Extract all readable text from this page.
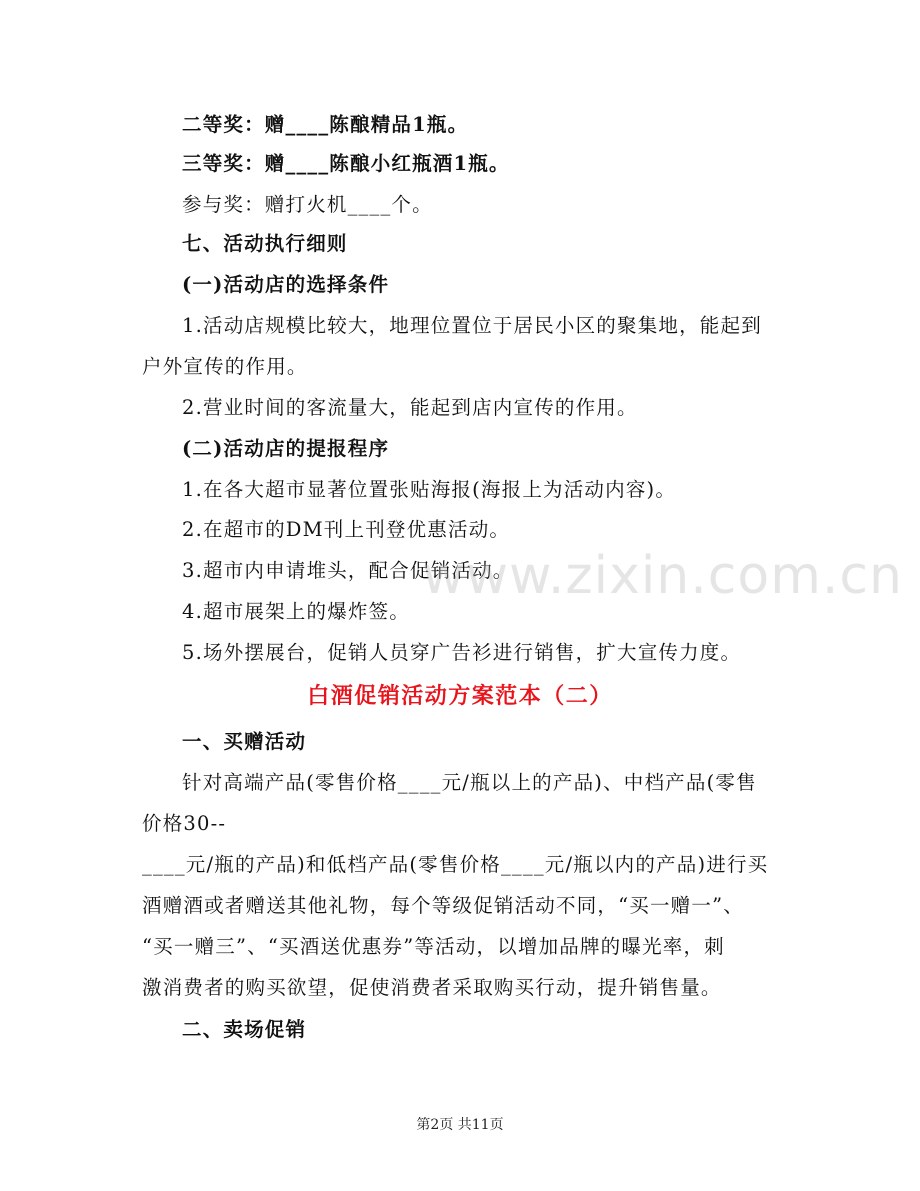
二等奖：赠____陈酿精品1瓶。
三等奖：赠____陈酿小红瓶酒1瓶。
参与奖：赠打火机____个。
七、活动执行细则
(一)活动店的选择条件
1.活动店规模比较大，地理位置位于居民小区的聚集地，能起到
户外宣传的作用。
2.营业时间的客流量大，能起到店内宣传的作用。
(二)活动店的提报程序
1.在各大超市显著位置张贴海报(海报上为活动内容)。
2.在超市的DM刊上刊登优惠活动。
3.超市内申请堆头，配合促销活动。
4.超市展架上的爆炸签。
5.场外摆展台，促销人员穿广告衫进行销售，扩大宣传力度。
白酒促销活动方案范本（二）
一、买赠活动
针对高端产品(零售价格____元/瓶以上的产品)、中档产品(零售
价格30--
____元/瓶的产品)和低档产品(零售价格____元/瓶以内的产品)进行买
酒赠酒或者赠送其他礼物，每个等级促销活动不同，“买一赠一”、
“买一赠三”、“买酒送优惠券”等活动，以增加品牌的曝光率，刺
激消费者的购买欲望，促使消费者采取购买行动，提升销售量。
二、卖场促销
www.zixin.com.cn
第2页 共11页
